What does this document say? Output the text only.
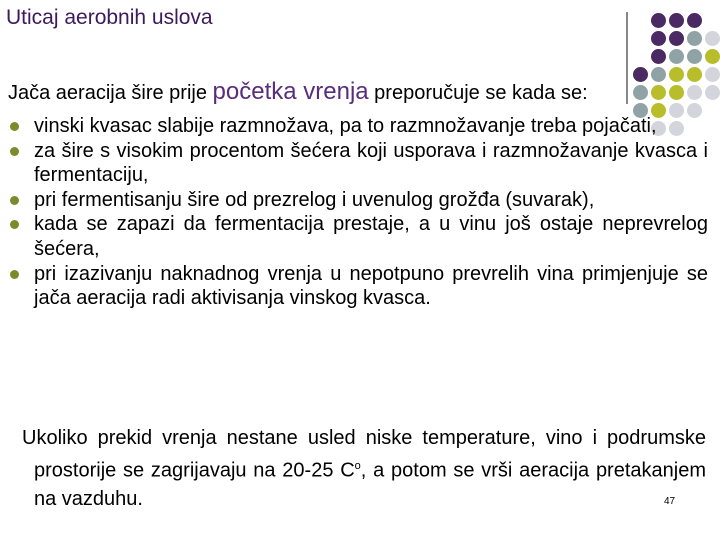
Uticaj aerobnih uslova
Jača aeracija šire prije početka vrenja preporučuje se kada se:
vinski kvasac slabije razmnožava, pa to razmnožavanje treba pojačati,
za šire s visokim procentom šećera koji usporava i razmnožavanje kvasca i fermentaciju,
pri fermentisanju šire od prezrelog i uvenulog grožđa (suvarak),
kada se zapazi da fermentacija prestaje, a u vinu još ostaje neprevrelog šećera,
pri izazivanju naknadnog vrenja u nepotpuno prevrelih vina primjenjuje se jača aeracija radi aktivisanja vinskog kvasca.

Ukoliko prekid vrenja nestane usled niske temperature, vino i podrumske prostorije se zagrijavaju na 20-25 $C^o$, a potom se vrši aeracija pretakanjem na vazduhu.	47
